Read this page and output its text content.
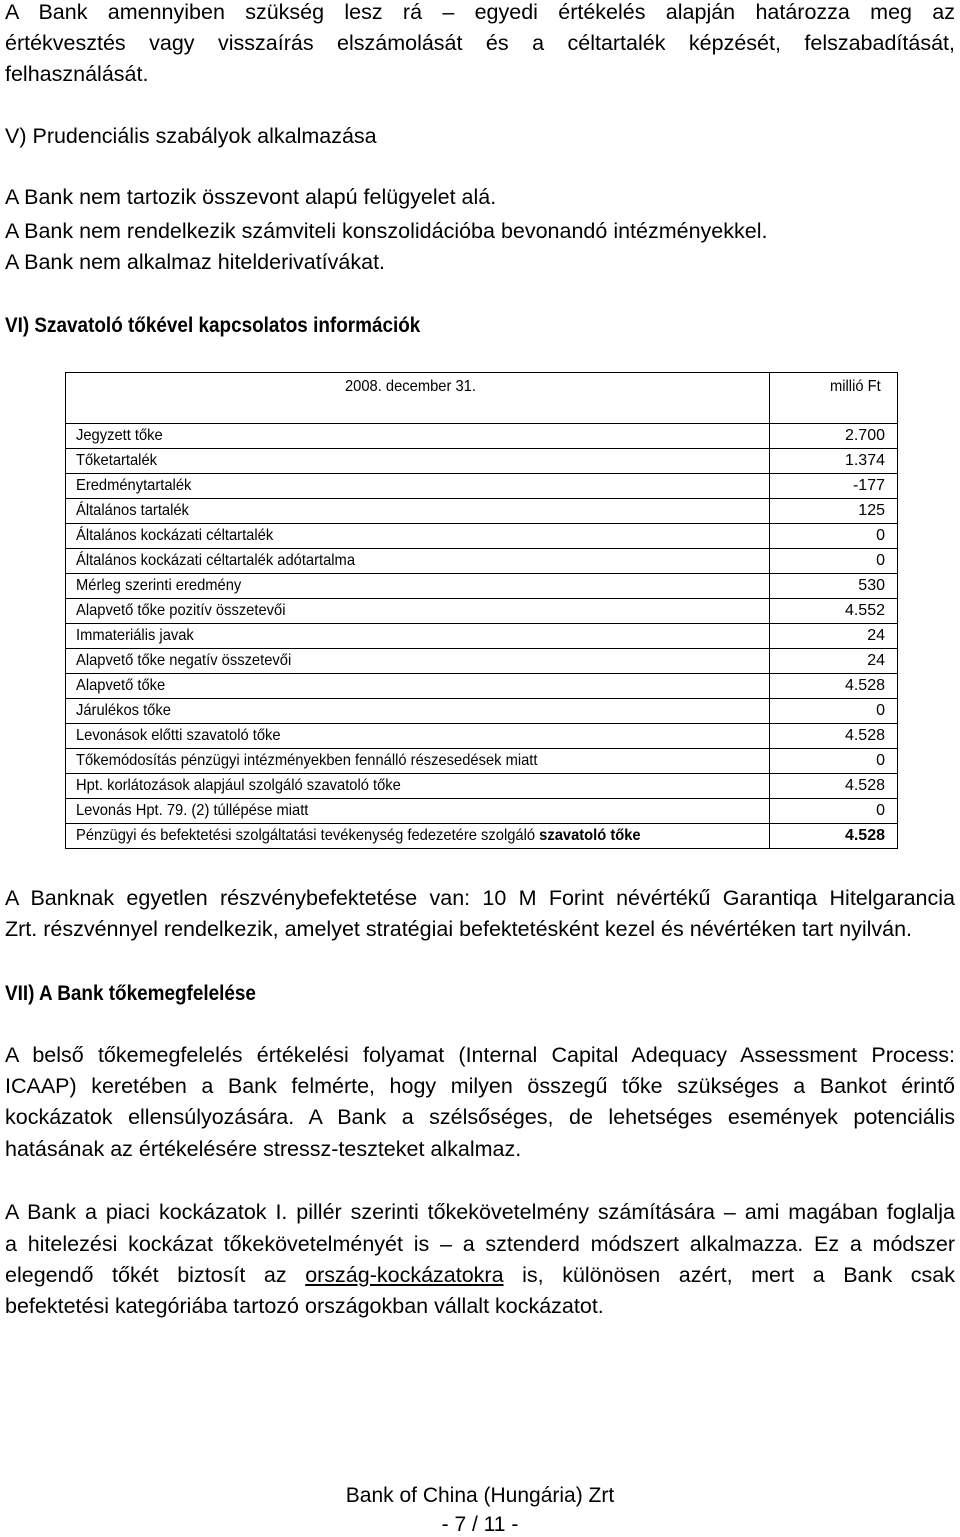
A Bank amennyiben szükség lesz rá – egyedi értékelés alapján határozza meg az

értékvesztés vagy visszaírás elszámolását és a céltartalék képzését, felszabadítását,

felhasználását.

V) Prudenciális szabályok alkalmazása

A Bank nem tartozik összevont alapú felügyelet alá.

A Bank nem rendelkezik számviteli konszolidációba bevonandó intézményekkel.

A Bank nem alkalmaz hitelderivatívákat.

VI) Szavatoló tőkével kapcsolatos információk

2008. december 31.	millió Ft
Jegyzett tőke	2.700
Tőketartalék	1.374
Eredménytartalék	-177
Általános tartalék	125
Általános kockázati céltartalék	0
Általános kockázati céltartalék adótartalma	0
Mérleg szerinti eredmény	530
Alapvető tőke pozitív összetevői	4.552
Immateriális javak	24
Alapvető tőke negatív összetevői	24
Alapvető tőke	4.528
Járulékos tőke	0
Levonások előtti szavatoló tőke	4.528
Tőkemódosítás pénzügyi intézményekben fennálló részesedések miatt	0
Hpt. korlátozások alapjául szolgáló szavatoló tőke	4.528
Levonás Hpt. 79. (2) túllépése miatt	0
Pénzügyi és befektetési szolgáltatási tevékenység fedezetére szolgáló szavatoló tőke	4.528

A Banknak egyetlen részvénybefektetése van: 10 M Forint névértékű Garantiqa Hitelgarancia

Zrt. részvénnyel rendelkezik, amelyet stratégiai befektetésként kezel és névértéken tart nyilván.

VII) A Bank tőkemegfelelése

A belső tőkemegfelelés értékelési folyamat (Internal Capital Adequacy Assessment Process:

ICAAP) keretében a Bank felmérte, hogy milyen összegű tőke szükséges a Bankot érintő

kockázatok ellensúlyozására. A Bank a szélsőséges, de lehetséges események potenciális

hatásának az értékelésére stressz-teszteket alkalmaz.

A Bank a piaci kockázatok I. pillér szerinti tőkekövetelmény számítására – ami magában foglalja

a hitelezési kockázat tőkekövetelményét is – a sztenderd módszert alkalmazza. Ez a módszer

elegendő tőkét biztosít az ország-kockázatokra is, különösen azért, mert a Bank csak

befektetési kategóriába tartozó országokban vállalt kockázatot.

Bank of China (Hungária) Zrt
- 7 / 11 -
